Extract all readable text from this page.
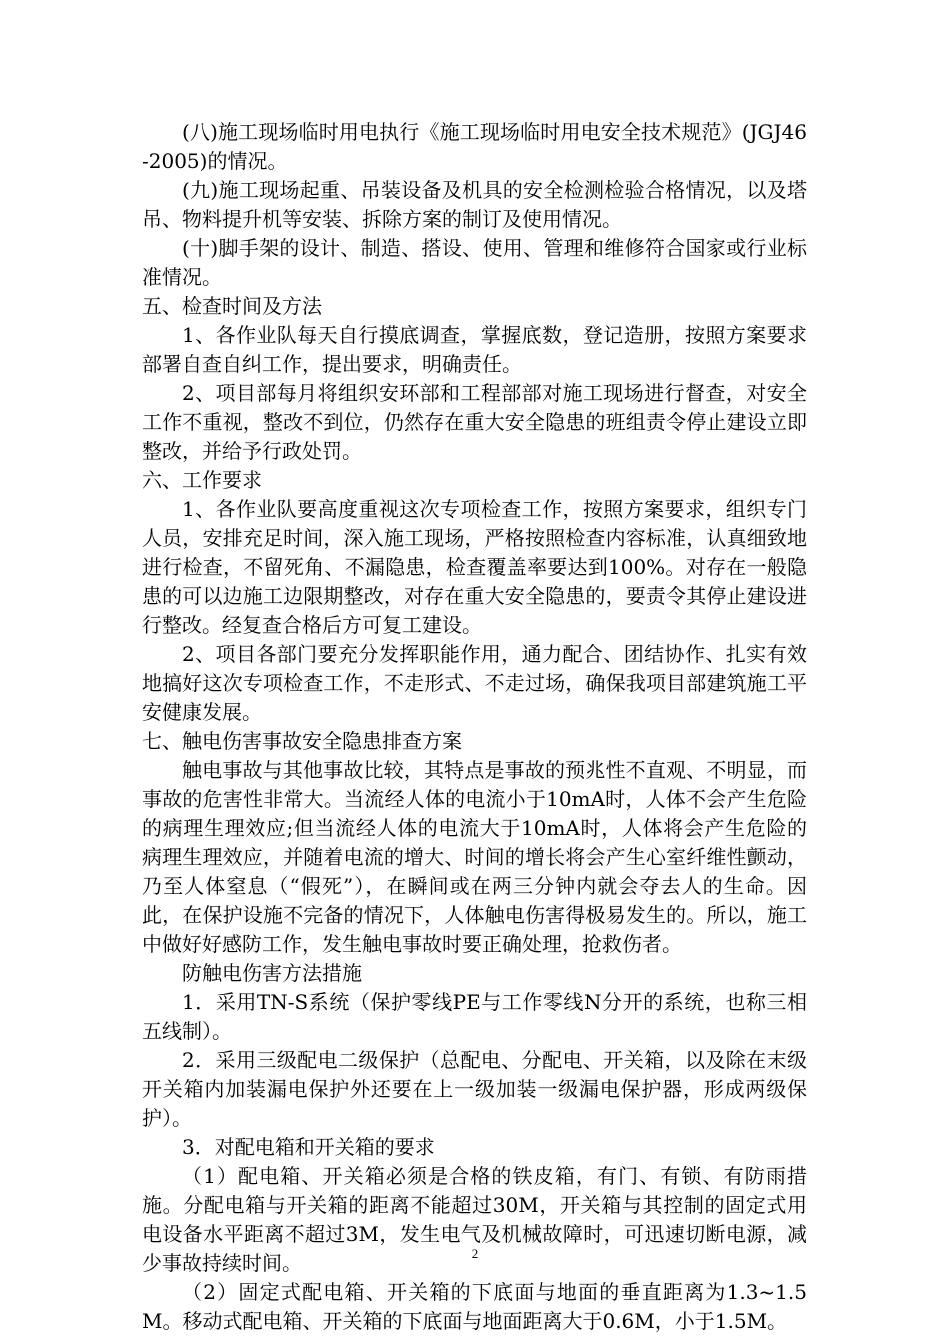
(八)施工现场临时用电执行《施工现场临时用电安全技术规范》(JGJ46-2005)的情况。

(九)施工现场起重、吊装设备及机具的安全检测检验合格情况，以及塔吊、物料提升机等安装、拆除方案的制订及使用情况。

(十)脚手架的设计、制造、搭设、使用、管理和维修符合国家或行业标准情况。

五、检查时间及方法

1、各作业队每天自行摸底调查，掌握底数，登记造册，按照方案要求部署自查自纠工作，提出要求，明确责任。

2、项目部每月将组织安环部和工程部部对施工现场进行督查，对安全工作不重视，整改不到位，仍然存在重大安全隐患的班组责令停止建设立即整改，并给予行政处罚。

六、工作要求

1、各作业队要高度重视这次专项检查工作，按照方案要求，组织专门人员，安排充足时间，深入施工现场，严格按照检查内容标准，认真细致地进行检查，不留死角、不漏隐患，检查覆盖率要达到100%。对存在一般隐患的可以边施工边限期整改，对存在重大安全隐患的，要责令其停止建设进行整改。经复查合格后方可复工建设。

2、项目各部门要充分发挥职能作用，通力配合、团结协作、扎实有效地搞好这次专项检查工作，不走形式、不走过场，确保我项目部建筑施工平安健康发展。

七、触电伤害事故安全隐患排查方案

触电事故与其他事故比较，其特点是事故的预兆性不直观、不明显，而事故的危害性非常大。当流经人体的电流小于10mA时，人体不会产生危险的病理生理效应;但当流经人体的电流大于10mA时，人体将会产生危险的病理生理效应，并随着电流的增大、时间的增长将会产生心室纤维性颤动，乃至人体窒息（“假死”），在瞬间或在两三分钟内就会夺去人的生命。因此，在保护设施不完备的情况下，人体触电伤害得极易发生的。所以，施工中做好好感防工作，发生触电事故时要正确处理，抢救伤者。

防触电伤害方法措施

1．采用TN-S系统（保护零线PE与工作零线N分开的系统，也称三相五线制）。

2．采用三级配电二级保护（总配电、分配电、开关箱，以及除在末级开关箱内加装漏电保护外还要在上一级加装一级漏电保护器，形成两级保护）。

3．对配电箱和开关箱的要求

（1）配电箱、开关箱必须是合格的铁皮箱，有门、有锁、有防雨措施。分配电箱与开关箱的距离不能超过30M，开关箱与其控制的固定式用电设备水平距离不超过3M，发生电气及机械故障时，可迅速切断电源，减少事故持续时间。

（2）固定式配电箱、开关箱的下底面与地面的垂直距离为1.3~1.5M。移动式配电箱、开关箱的下底面与地面距离大于0.6M，小于1.5M。

2
